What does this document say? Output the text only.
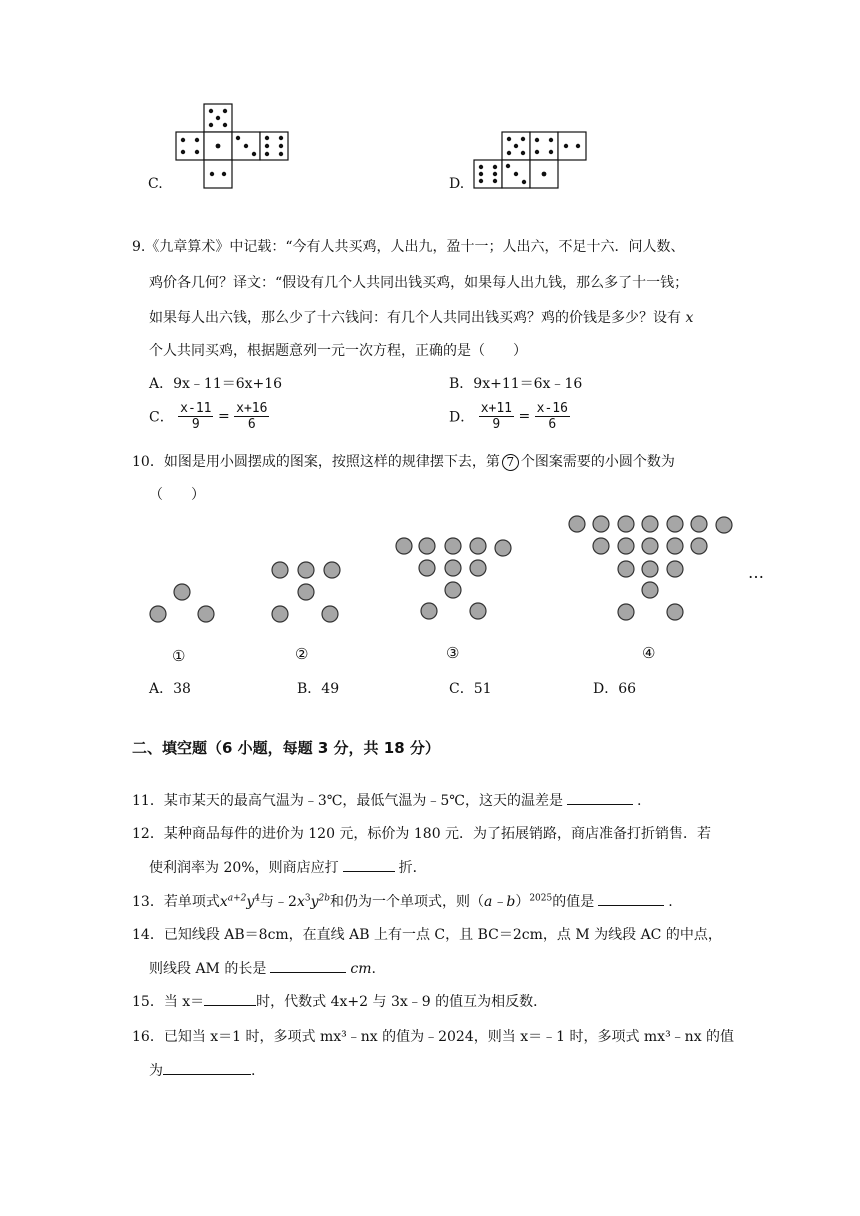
C.	D.
9.《九章算术》中记载：“今有人共买鸡，人出九，盈十一；人出六，不足十六．问人数、
鸡价各几何？译文：“假设有几个人共同出钱买鸡，如果每人出九钱，那么多了十一钱；
如果每人出六钱，那么少了十六钱问：有几个人共同出钱买鸡？鸡的价钱是多少？设有 x
个人共同买鸡，根据题意列一元一次方程，正确的是（　　）
A．9x﹣11＝6x+16	B．9x+11＝6x﹣16
C． $\frac{x-11}{9} = \frac{x+16}{6}$	D． $\frac{x+11}{9} = \frac{x-16}{6}$
10．如图是用小圆摆成的图案，按照这样的规律摆下去，第 7 个图案需要的小圆个数为
（　　）
…
①	②	③	④
A．38	B．49	C．51	D．66
二、填空题（6 小题，每题 3 分，共 18 分）
11．某市某天的最高气温为﹣3℃，最低气温为﹣5℃，这天的温差是	.
12．某种商品每件的进价为 120 元，标价为 180 元．为了拓展销路，商店准备打折销售．若
使利润率为 20%，则商店应打	折．
13．若单项式$x^{a+2}y^4$与$﹣2x^3y^{2b}$和仍为一个单项式，则（a﹣b）$^{2025}$的值是	.
14．已知线段 AB＝8cm，在直线 AB 上有一点 C，且 BC＝2cm，点 M 为线段 AC 的中点，
则线段 AM 的长是	cm.
15．当 x＝	时，代数式 4x+2 与 3x﹣9 的值互为相反数．
16．已知当 x＝1 时，多项式 mx³﹣nx 的值为﹣2024，则当 x＝﹣1 时，多项式 mx³﹣nx 的值
为	.
